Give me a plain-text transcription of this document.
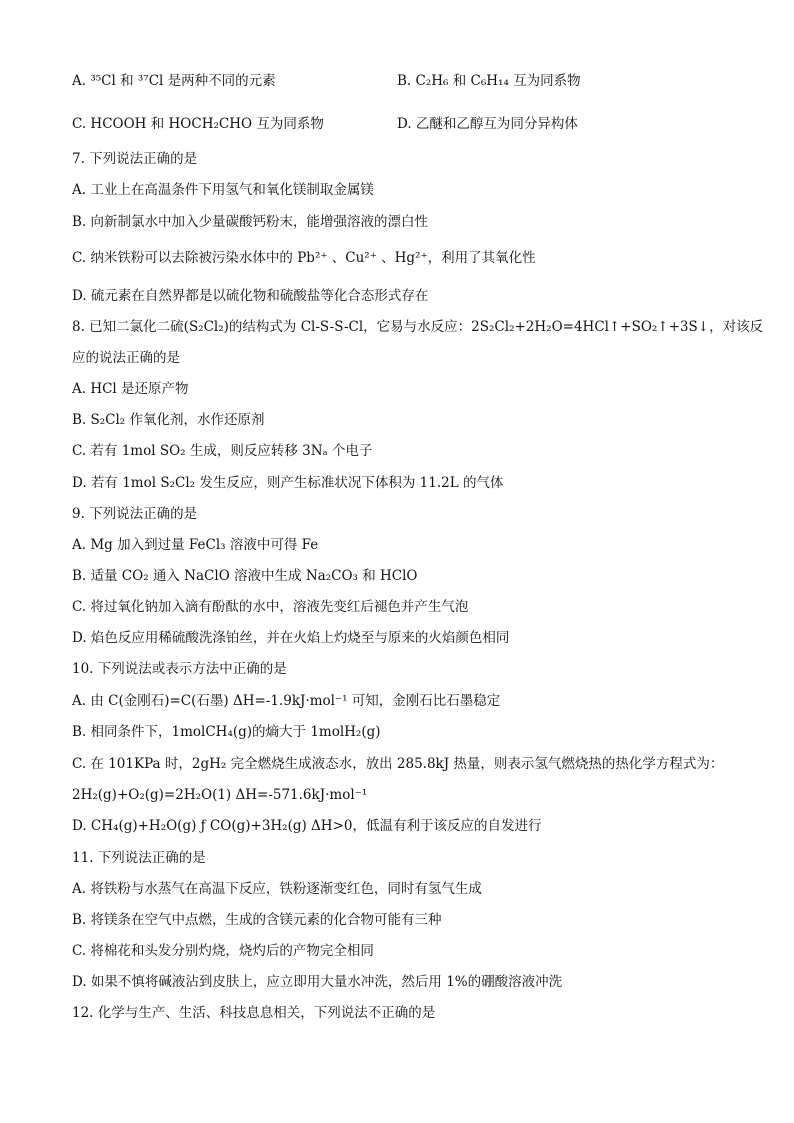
A. ³⁵Cl 和 ³⁷Cl 是两种不同的元素	B. C₂H₆ 和 C₆H₁₄ 互为同系物
C. HCOOH 和 HOCH₂CHO 互为同系物	D. 乙醚和乙醇互为同分异构体
7. 下列说法正确的是
A. 工业上在高温条件下用氢气和氧化镁制取金属镁
B. 向新制氯水中加入少量碳酸钙粉末，能增强溶液的漂白性
C. 纳米铁粉可以去除被污染水体中的 Pb²⁺ 、Cu²⁺ 、Hg²⁺，利用了其氧化性
D. 硫元素在自然界都是以硫化物和硫酸盐等化合态形式存在
8. 已知二氯化二硫(S₂Cl₂)的结构式为 Cl-S-S-Cl，它易与水反应：2S₂Cl₂+2H₂O=4HCl↑+SO₂↑+3S↓，对该反
应的说法正确的是
A. HCl 是还原产物
B. S₂Cl₂ 作氧化剂，水作还原剂
C. 若有 1mol SO₂ 生成，则反应转移 3Nₐ 个电子
D. 若有 1mol S₂Cl₂ 发生反应，则产生标准状况下体积为 11.2L 的气体
9. 下列说法正确的是
A. Mg 加入到过量 FeCl₃ 溶液中可得 Fe
B. 适量 CO₂ 通入 NaClO 溶液中生成 Na₂CO₃ 和 HClO
C. 将过氧化钠加入滴有酚酞的水中，溶液先变红后褪色并产生气泡
D. 焰色反应用稀硫酸洗涤铂丝，并在火焰上灼烧至与原来的火焰颜色相同
10. 下列说法或表示方法中正确的是
A. 由 C(金刚石)=C(石墨) ΔH=-1.9kJ·mol⁻¹ 可知，金刚石比石墨稳定
B. 相同条件下，1molCH₄(g)的熵大于 1molH₂(g)
C. 在 101KPa 时，2gH₂ 完全燃烧生成液态水，放出 285.8kJ 热量，则表示氢气燃烧热的热化学方程式为：
2H₂(g)+O₂(g)=2H₂O(1) ΔH=-571.6kJ·mol⁻¹
D. CH₄(g)+H₂O(g) ƒ CO(g)+3H₂(g) ΔH>0，低温有利于该反应的自发进行
11. 下列说法正确的是
A. 将铁粉与水蒸气在高温下反应，铁粉逐渐变红色，同时有氢气生成
B. 将镁条在空气中点燃，生成的含镁元素的化合物可能有三种
C. 将棉花和头发分别灼烧，烧灼后的产物完全相同
D. 如果不慎将碱液沾到皮肤上，应立即用大量水冲洗，然后用 1%的硼酸溶液冲洗
12. 化学与生产、生活、科技息息相关，下列说法不正确的是
